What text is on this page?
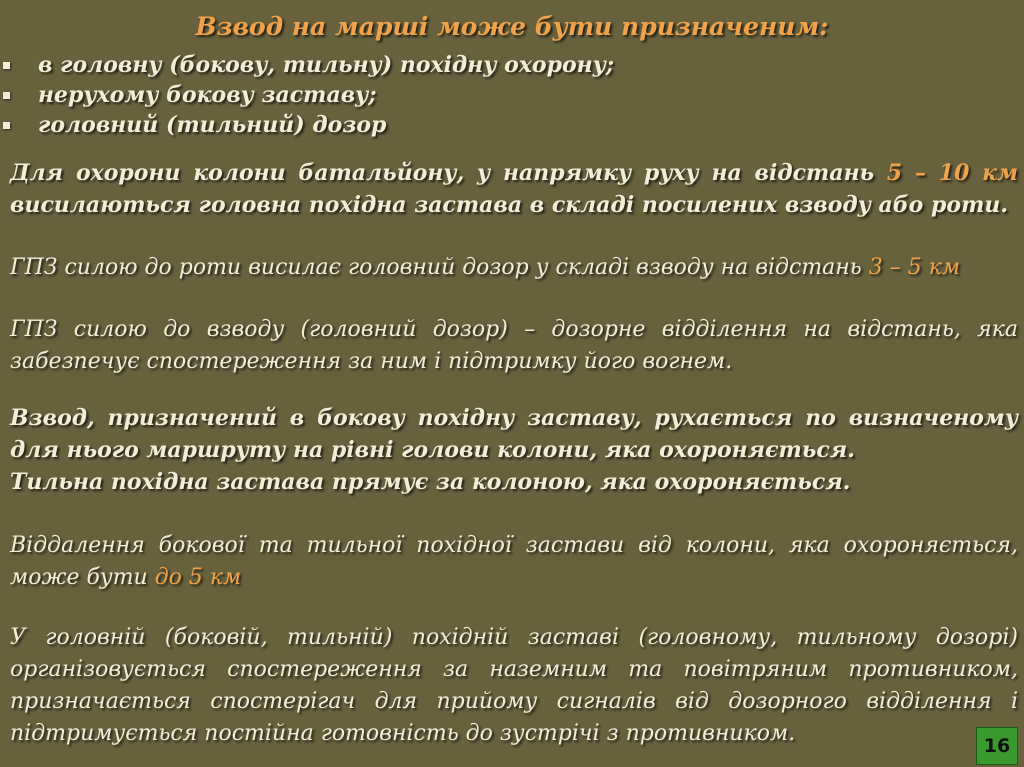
Взвод на марші може бути призначеним:
в головну (бокову, тильну) похідну охорону;
нерухому бокову заставу;
головний (тильний) дозор

Для охорони колони батальйону, у напрямку руху на відстань 5 – 10 км висилаються головна похідна застава в складі посилених взводу або роти.

ГПЗ силою до роти висилає головний дозор у складі взводу на відстань 3 – 5 км

ГПЗ силою до взводу (головний дозор) – дозорне відділення на відстань, яка забезпечує спостереження за ним і підтримку його вогнем.

Взвод, призначений в бокову похідну заставу, рухається по визначеному для нього маршруту на рівні голови колони, яка охороняється.

Тильна похідна застава прямує за колоною, яка охороняється.

Віддалення бокової та тильної похідної застави від колони, яка охороняється, може бути до 5 км

У головній (боковій, тильній) похідній заставі (головному, тильному дозорі) організовується спостереження за наземним та повітряним противником, призначається спостерігач для прийому сигналів від дозорного відділення і підтримується постійна готовність до зустрічі з противником.	16
